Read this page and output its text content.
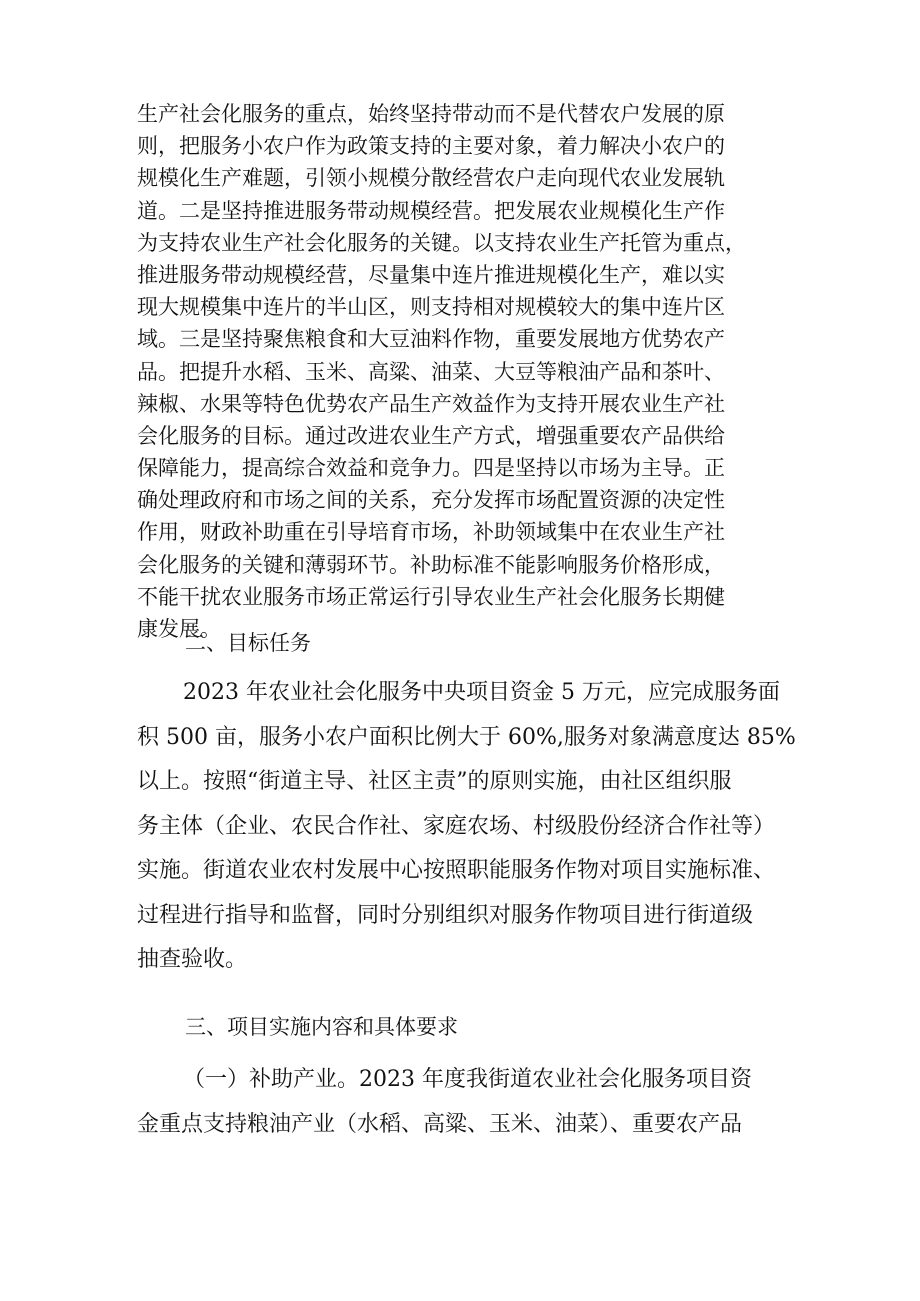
生产社会化服务的重点，始终坚持带动而不是代替农户发展的原
则，把服务小农户作为政策支持的主要对象，着力解决小农户的
规模化生产难题，引领小规模分散经营农户走向现代农业发展轨
道。二是坚持推进服务带动规模经营。把发展农业规模化生产作
为支持农业生产社会化服务的关键。以支持农业生产托管为重点，
推进服务带动规模经营，尽量集中连片推进规模化生产，难以实
现大规模集中连片的半山区，则支持相对规模较大的集中连片区
域。三是坚持聚焦粮食和大豆油料作物，重要发展地方优势农产
品。把提升水稻、玉米、高粱、油菜、大豆等粮油产品和茶叶、
辣椒、水果等特色优势农产品生产效益作为支持开展农业生产社
会化服务的目标。通过改进农业生产方式，增强重要农产品供给
保障能力，提高综合效益和竞争力。四是坚持以市场为主导。正
确处理政府和市场之间的关系，充分发挥市场配置资源的决定性
作用，财政补助重在引导培育市场，补助领域集中在农业生产社
会化服务的关键和薄弱环节。补助标准不能影响服务价格形成，
不能干扰农业服务市场正常运行引导农业生产社会化服务长期健
康发展。
二、目标任务
2023 年农业社会化服务中央项目资金 5 万元，应完成服务面
积 500 亩，服务小农户面积比例大于 60%,服务对象满意度达 85%
以上。按照“街道主导、社区主责”的原则实施，由社区组织服
务主体（企业、农民合作社、家庭农场、村级股份经济合作社等）
实施。街道农业农村发展中心按照职能服务作物对项目实施标准、
过程进行指导和监督，同时分别组织对服务作物项目进行街道级
抽查验收。
三、项目实施内容和具体要求
（一）补助产业。2023 年度我街道农业社会化服务项目资
金重点支持粮油产业（水稻、高粱、玉米、油菜）、重要农产品
